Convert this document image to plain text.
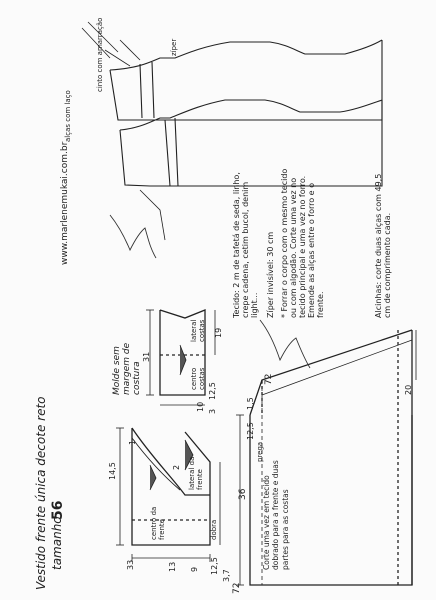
Vestido frente única decote reto tamanho
56
www.marlenemukai.com.br
Molde sem margem de costura
Tecido: 2 m de tafetá de seda, linho, crepe cadena, cetim bucol, denim light... Zíper invisível: 30 cm * Forrar o corpo com o mesmo tecido ou com algodão. Corte uma vez no tecido principal e uma vez no forro. Emende as alças entre o forro e o frente.	Alcinhas: corte duas alças com 49,5 cm de comprimento cada.
alças com laço
cinto com amarração	zíper
14,5
33	13 9 12,5
3,7
1
2
centro da frente
lateral da frente
dobra
31
19
lateral costas
centro costas
12,5
10 3
72
36
72
12,5
1,5
20
prega
Corte uma vez em tecido dobrado para a frente e duas partes para as costas
